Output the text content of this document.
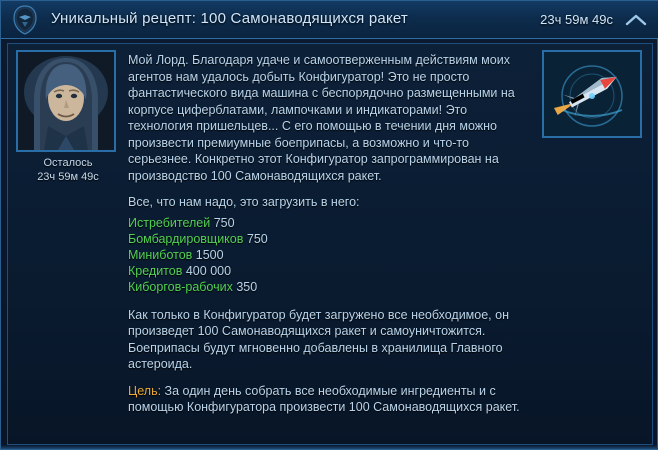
Уникальный рецепт: 100 Самонаводящихся ракет	23ч 59м 49с
Осталось
23ч 59м 49с

Мой Лорд. Благодаря удаче и самоотверженным действиям моих агентов нам удалось добыть Конфигуратор! Это не просто фантастического вида машина с беспорядочно размещенными на корпусе циферблатами, лампочками и индикаторами! Это технология пришельцев... С его помощью в течении дня можно произвести премиумные боеприпасы, а возможно и что-то серьезнее. Конкретно этот Конфигуратор запрограммирован на производство 100 Самонаводящихся ракет.

Все, что нам надо, это загрузить в него:

Истребителей 750
Бомбардировщиков 750
Миниботов 1500
Кредитов 400 000
Киборгов-рабочих 350

Как только в Конфигуратор будет загружено все необходимое, он произведет 100 Самонаводящихся ракет и самоуничтожится. Боеприпасы будут мгновенно добавлены в хранилища Главного астероида.

Цель: За один день собрать все необходимые ингредиенты и с помощью Конфигуратора произвести 100 Самонаводящихся ракет.
